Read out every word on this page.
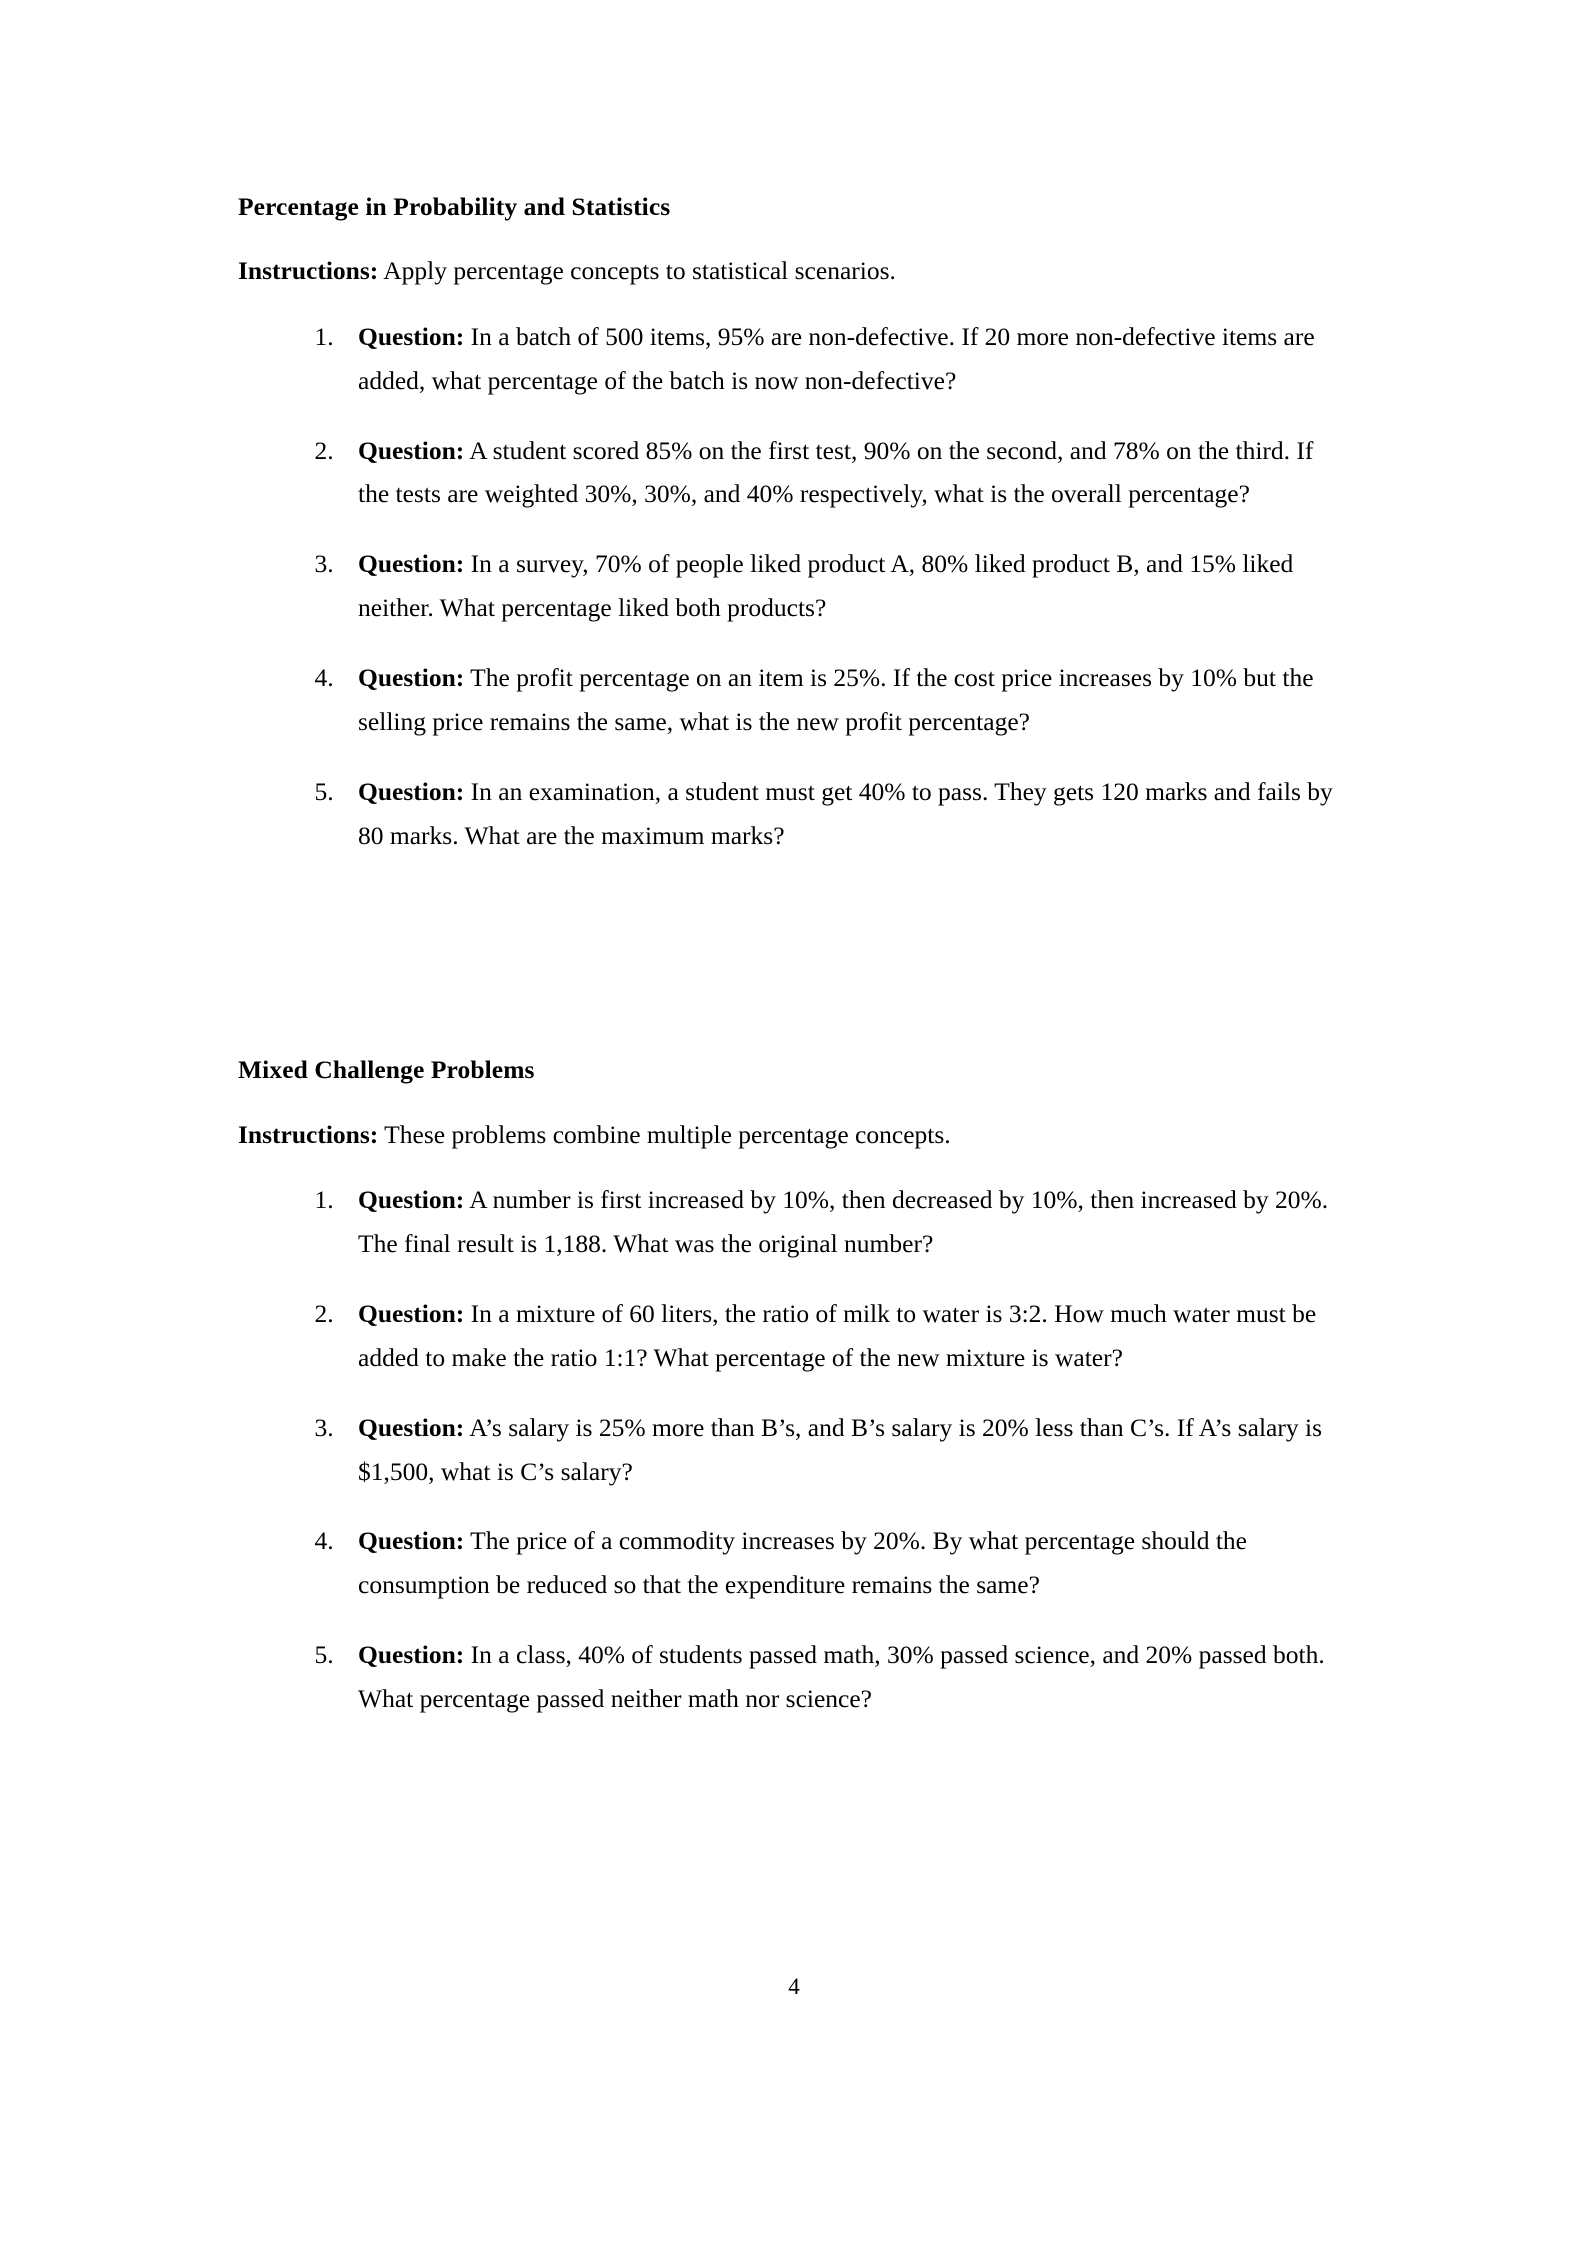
Percentage in Probability and Statistics
Instructions: Apply percentage concepts to statistical scenarios.
1. Question: In a batch of 500 items, 95% are non-defective. If 20 more non-defective items are added, what percentage of the batch is now non-defective?
2. Question: A student scored 85% on the first test, 90% on the second, and 78% on the third. If the tests are weighted 30%, 30%, and 40% respectively, what is the overall percentage?
3. Question: In a survey, 70% of people liked product A, 80% liked product B, and 15% liked neither. What percentage liked both products?
4. Question: The profit percentage on an item is 25%. If the cost price increases by 10% but the selling price remains the same, what is the new profit percentage?
5. Question: In an examination, a student must get 40% to pass. They gets 120 marks and fails by 80 marks. What are the maximum marks?
Mixed Challenge Problems
Instructions: These problems combine multiple percentage concepts.
1. Question: A number is first increased by 10%, then decreased by 10%, then increased by 20%. The final result is 1,188. What was the original number?
2. Question: In a mixture of 60 liters, the ratio of milk to water is 3:2. How much water must be added to make the ratio 1:1? What percentage of the new mixture is water?
3. Question: A’s salary is 25% more than B’s, and B’s salary is 20% less than C’s. If A’s salary is $1,500, what is C’s salary?
4. Question: The price of a commodity increases by 20%. By what percentage should the consumption be reduced so that the expenditure remains the same?
5. Question: In a class, 40% of students passed math, 30% passed science, and 20% passed both. What percentage passed neither math nor science?
4
